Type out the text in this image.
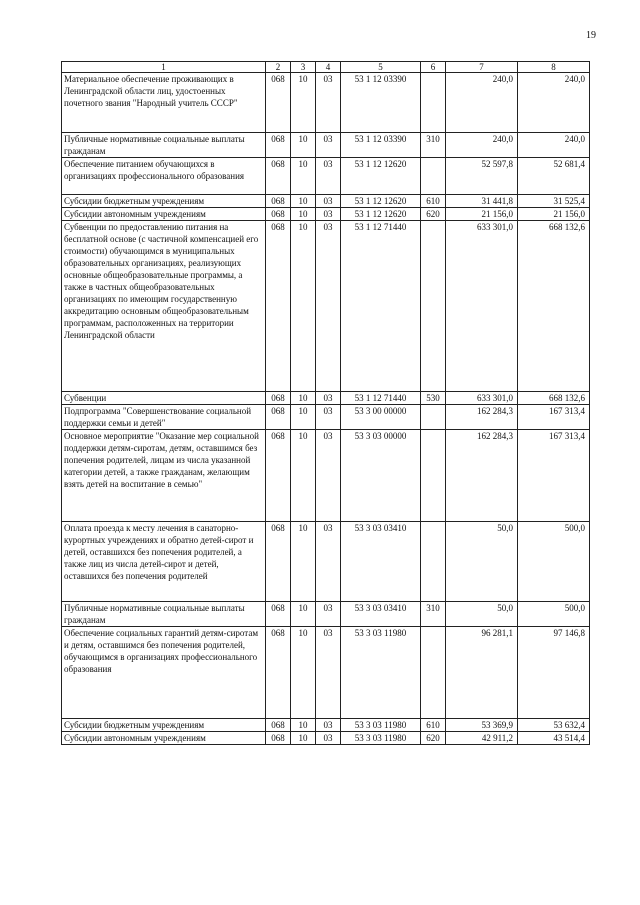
19
1	2	3	4	5	6	7	8
Материальное обеспечение проживающих в Ленинградской области лиц, удостоенных почетного звания "Народный учитель СССР"	068	10	03	53 1 12 03390		240,0	240,0
Публичные нормативные социальные выплаты гражданам	068	10	03	53 1 12 03390	310	240,0	240,0
Обеспечение питанием обучающихся в организациях профессионального образования	068	10	03	53 1 12 12620		52 597,8	52 681,4
Субсидии бюджетным учреждениям	068	10	03	53 1 12 12620	610	31 441,8	31 525,4
Субсидии автономным учреждениям	068	10	03	53 1 12 12620	620	21 156,0	21 156,0
Субвенции по предоставлению питания на бесплатной основе (с частичной компенсацией его стоимости) обучающимся в муниципальных образовательных организациях, реализующих основные общеобразовательные программы, а также в частных общеобразовательных организациях по имеющим государственную аккредитацию основным общеобразовательным программам, расположенных на территории Ленинградской области	068	10	03	53 1 12 71440		633 301,0	668 132,6
Субвенции	068	10	03	53 1 12 71440	530	633 301,0	668 132,6
Подпрограмма "Совершенствование социальной поддержки семьи и детей"	068	10	03	53 3 00 00000		162 284,3	167 313,4
Основное мероприятие "Оказание мер социальной поддержки детям-сиротам, детям, оставшимся без попечения родителей, лицам из числа указанной категории детей, а также гражданам, желающим взять детей на воспитание в семью"	068	10	03	53 3 03 00000		162 284,3	167 313,4
Оплата проезда к месту лечения в санаторно-курортных учреждениях и обратно детей-сирот и детей, оставшихся без попечения родителей, а также лиц из числа детей-сирот и детей, оставшихся без попечения родителей	068	10	03	53 3 03 03410		50,0	500,0
Публичные нормативные социальные выплаты гражданам	068	10	03	53 3 03 03410	310	50,0	500,0
Обеспечение социальных гарантий детям-сиротам и детям, оставшимся без попечения родителей, обучающимся в организациях профессионального образования	068	10	03	53 3 03 11980		96 281,1	97 146,8
Субсидии бюджетным учреждениям	068	10	03	53 3 03 11980	610	53 369,9	53 632,4
Субсидии автономным учреждениям	068	10	03	53 3 03 11980	620	42 911,2	43 514,4
